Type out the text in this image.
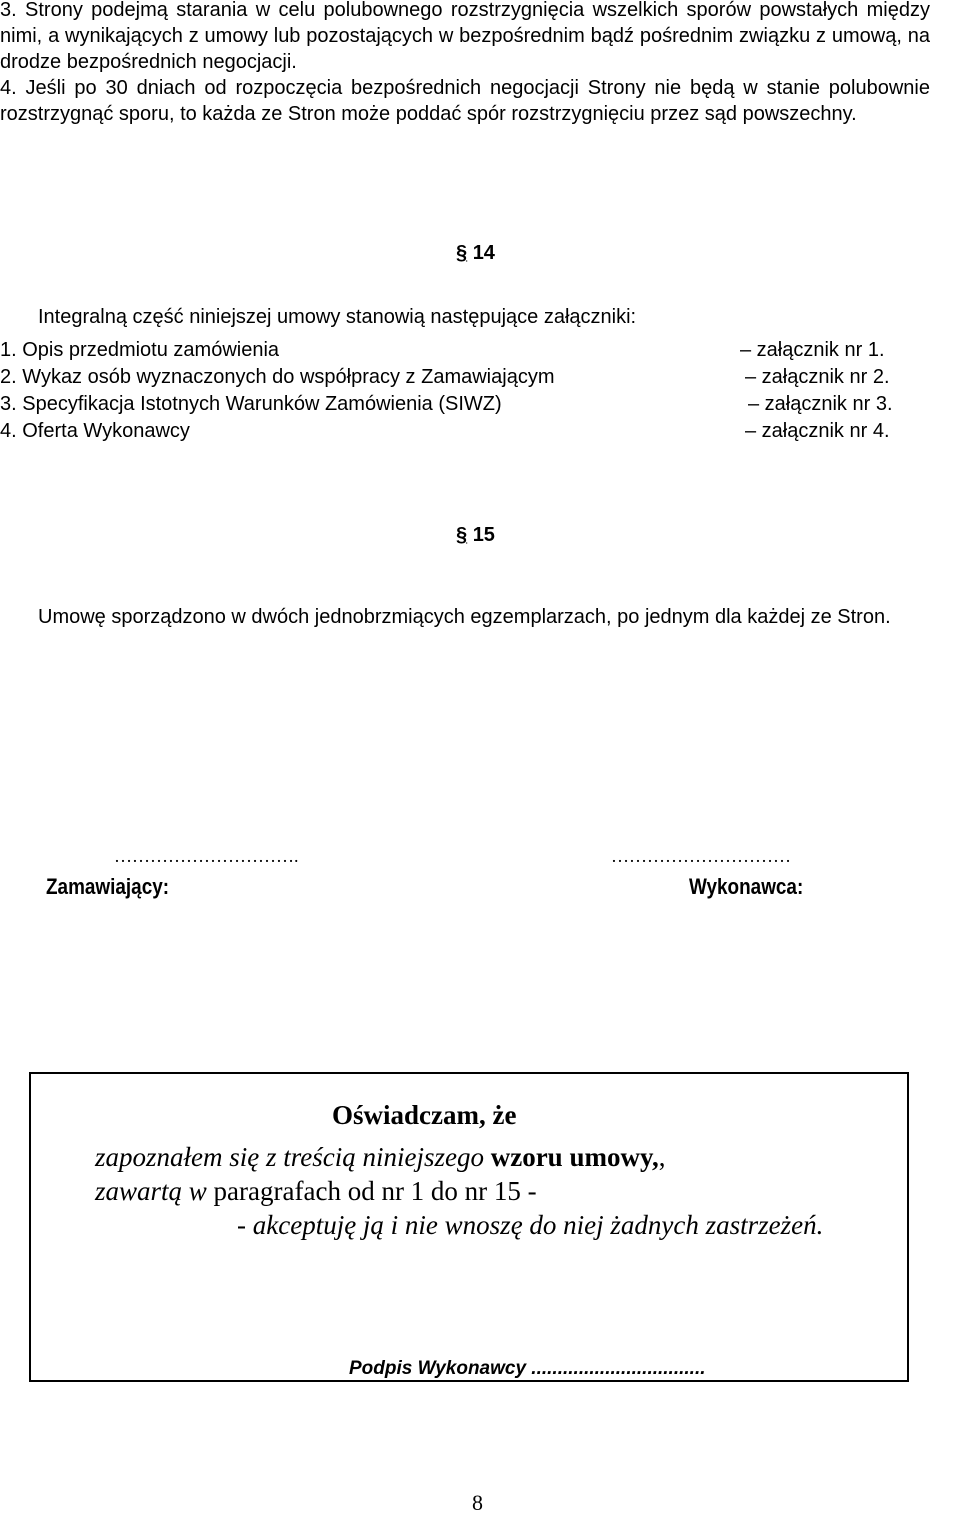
3. Strony podejmą starania w celu polubownego rozstrzygnięcia wszelkich sporów powstałych między nimi, a wynikających z umowy lub pozostających w bezpośrednim bądź pośrednim związku z umową, na drodze bezpośrednich negocjacji.
4. Jeśli po 30 dniach od rozpoczęcia bezpośrednich negocjacji Strony nie będą w stanie polubownie rozstrzygnąć sporu, to każda ze Stron może poddać spór rozstrzygnięciu przez sąd powszechny.
§ 14
Integralną część niniejszej umowy stanowią następujące załączniki:
1. Opis przedmiotu zamówienia	– załącznik nr 1.
2. Wykaz osób wyznaczonych do współpracy z Zamawiającym	– załącznik nr 2.
3. Specyfikacja Istotnych Warunków Zamówienia (SIWZ)	– załącznik nr 3.
4. Oferta Wykonawcy	– załącznik nr 4.
§ 15
Umowę sporządzono w dwóch jednobrzmiących egzemplarzach, po jednym dla każdej ze Stron.
………………………….
Zamawiający:
…………………………
Wykonawca:
Oświadczam, że
zapoznałem się z treścią niniejszego wzoru umowy,,
zawartą w paragrafach od nr 1 do nr 15 -
- akceptuję ją i nie wnoszę do niej żadnych zastrzeżeń.
Podpis Wykonawcy .................................
8
